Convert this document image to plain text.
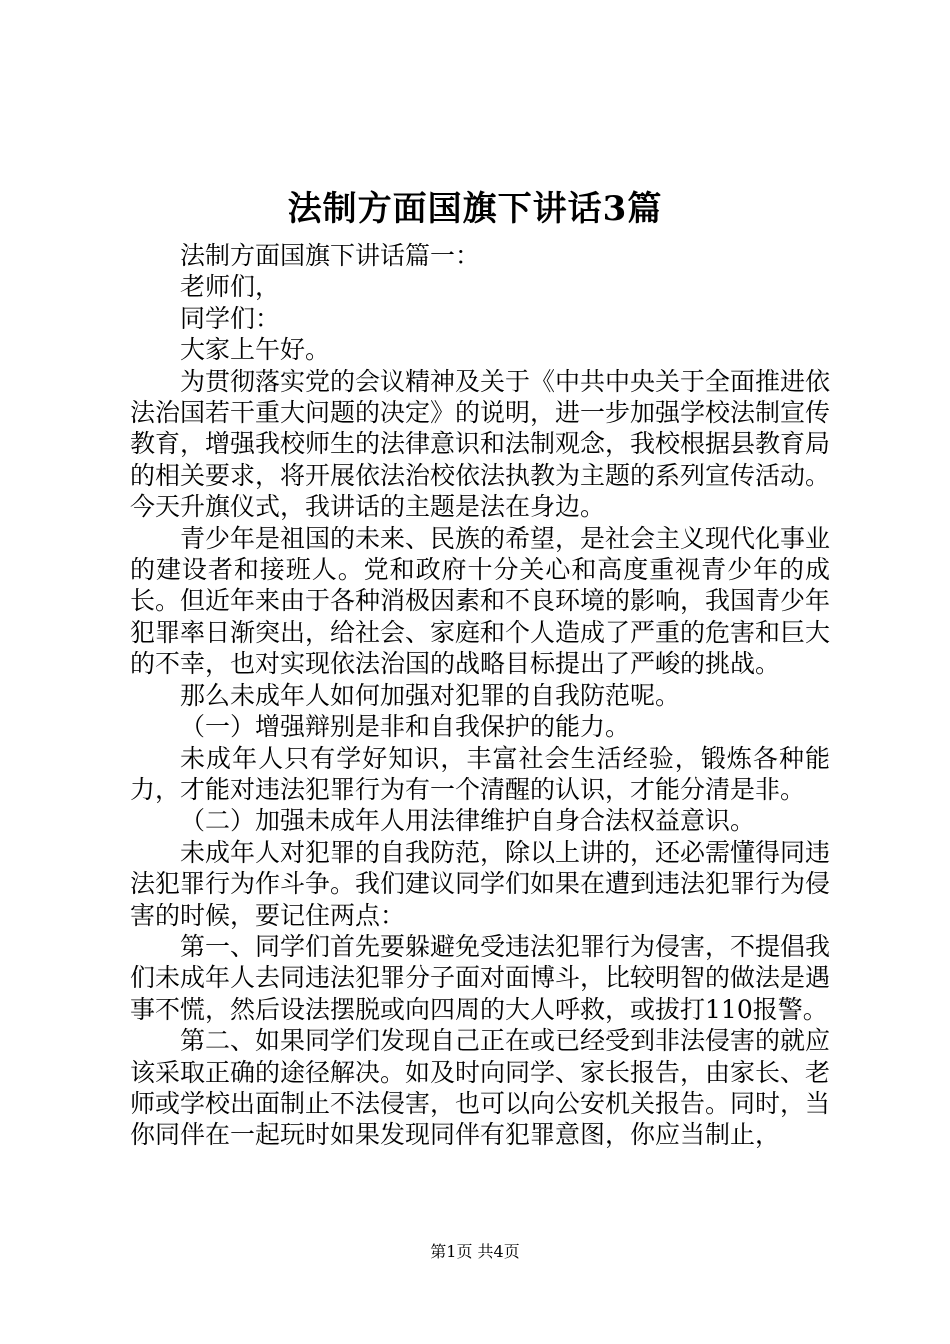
法制方面国旗下讲话3篇

法制方面国旗下讲话篇一：

老师们，

同学们：

大家上午好。

为贯彻落实党的会议精神及关于《中共中央关于全面推进依法治国若干重大问题的决定》的说明，进一步加强学校法制宣传教育，增强我校师生的法律意识和法制观念，我校根据县教育局的相关要求，将开展依法治校依法执教为主题的系列宣传活动。今天升旗仪式，我讲话的主题是法在身边。

青少年是祖国的未来、民族的希望，是社会主义现代化事业的建设者和接班人。党和政府十分关心和高度重视青少年的成长。但近年来由于各种消极因素和不良环境的影响，我国青少年犯罪率日渐突出，给社会、家庭和个人造成了严重的危害和巨大的不幸，也对实现依法治国的战略目标提出了严峻的挑战。

那么未成年人如何加强对犯罪的自我防范呢。

（一）增强辩别是非和自我保护的能力。

未成年人只有学好知识，丰富社会生活经验，锻炼各种能力，才能对违法犯罪行为有一个清醒的认识，才能分清是非。

（二）加强未成年人用法律维护自身合法权益意识。

未成年人对犯罪的自我防范，除以上讲的，还必需懂得同违法犯罪行为作斗争。我们建议同学们如果在遭到违法犯罪行为侵害的时候，要记住两点：

第一、同学们首先要躲避免受违法犯罪行为侵害，不提倡我们未成年人去同违法犯罪分子面对面博斗，比较明智的做法是遇事不慌，然后设法摆脱或向四周的大人呼救，或拔打110报警。

第二、如果同学们发现自己正在或已经受到非法侵害的就应该采取正确的途径解决。如及时向同学、家长报告，由家长、老师或学校出面制止不法侵害，也可以向公安机关报告。同时，当你同伴在一起玩时如果发现同伴有犯罪意图，你应当制止，

第1页 共4页
